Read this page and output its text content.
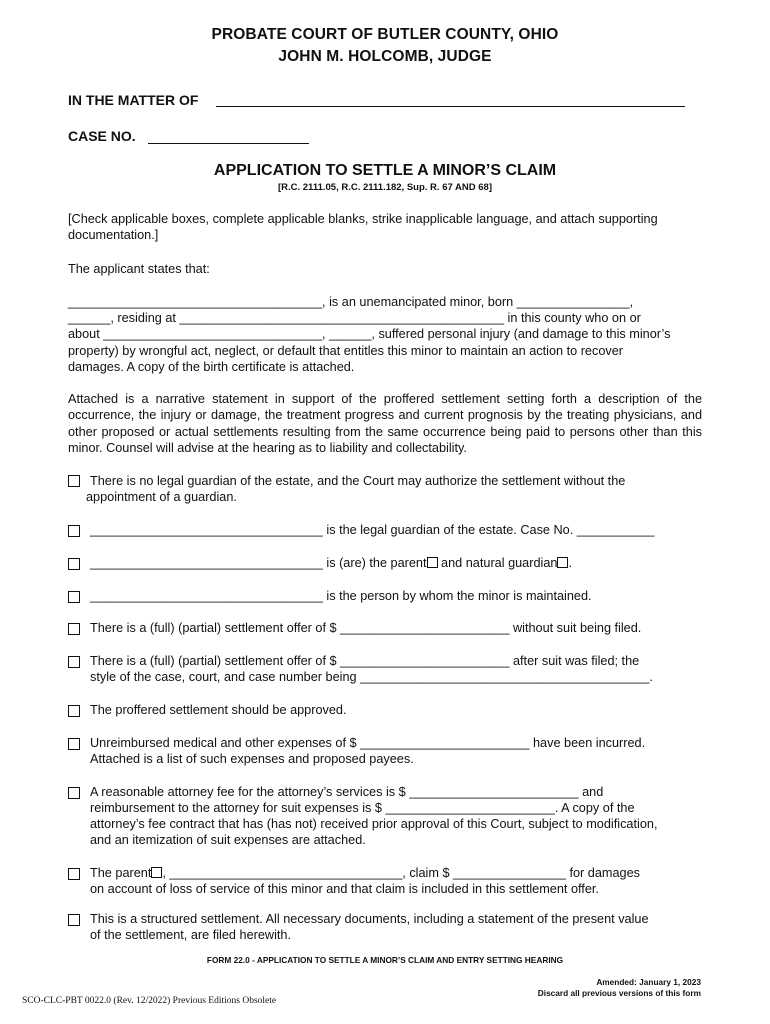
PROBATE COURT OF BUTLER COUNTY, OHIO
JOHN M. HOLCOMB, JUDGE
IN THE MATTER OF
CASE NO.
APPLICATION TO SETTLE A MINOR’S CLAIM
[R.C. 2111.05, R.C. 2111.182, Sup. R. 67 AND 68]
[Check applicable boxes, complete applicable blanks, strike inapplicable language, and attach supporting documentation.]
The applicant states that:
____________________________________, is an unemancipated minor, born ________________,
______, residing at ______________________________________________ in this county who on or
about _______________________________, ______, suffered personal injury (and damage to this minor’s
property) by wrongful act, neglect, or default that entitles this minor to maintain an action to recover
damages. A copy of the birth certificate is attached.
Attached is a narrative statement in support of the proffered settlement setting forth a description of the occurrence, the injury or damage, the treatment progress and current prognosis by the treating physicians, and other proposed or actual settlements resulting from the same occurrence being paid to persons other than this minor. Counsel will advise at the hearing as to liability and collectability.
There is no legal guardian of the estate, and the Court may authorize the settlement without the
appointment of a guardian.
_________________________________ is the legal guardian of the estate. Case No. ___________
_________________________________ is (are) the parent and natural guardian .
_________________________________ is the person by whom the minor is maintained.
There is a (full) (partial) settlement offer of $ ________________________ without suit being filed.
There is a (full) (partial) settlement offer of $ ________________________ after suit was filed; the
style of the case, court, and case number being _________________________________________.
The proffered settlement should be approved.
Unreimbursed medical and other expenses of $ ________________________ have been incurred.
Attached is a list of such expenses and proposed payees.
A reasonable attorney fee for the attorney’s services is $ ________________________ and
reimbursement to the attorney for suit expenses is $ ________________________. A copy of the
attorney’s fee contract that has (has not) received prior approval of this Court, subject to modification,
and an itemization of suit expenses are attached.
The parent , _________________________________, claim $ ________________ for damages
on account of loss of service of this minor and that claim is included in this settlement offer.
This is a structured settlement. All necessary documents, including a statement of the present value
of the settlement, are filed herewith.
FORM 22.0 - APPLICATION TO SETTLE A MINOR’S CLAIM AND ENTRY SETTING HEARING
Amended: January 1, 2023
Discard all previous versions of this form
SCO-CLC-PBT 0022.0 (Rev. 12/2022) Previous Editions Obsolete
